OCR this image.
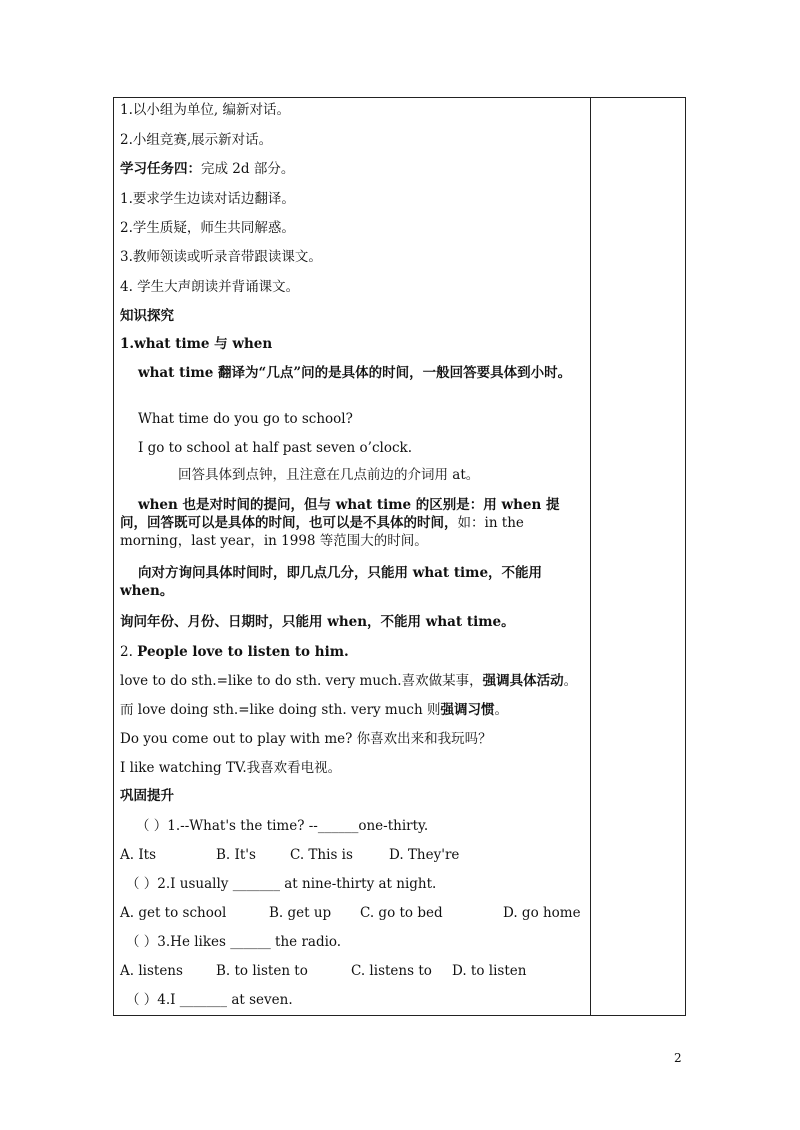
1.以小组为单位, 编新对话。
2.小组竞赛,展示新对话。
学习任务四：完成 2d 部分。
1.要求学生边读对话边翻译。
2.学生质疑，师生共同解惑。
3.教师领读或听录音带跟读课文。
4. 学生大声朗读并背诵课文。
知识探究
1.what time 与 when
what time 翻译为“几点”问的是具体的时间，一般回答要具体到小时。
What time do you go to school?
I go to school at half past seven o’clock.
回答具体到点钟，且注意在几点前边的介词用 at。
when 也是对时间的提问，但与 what time 的区别是：用 when 提问，回答既可以是具体的时间，也可以是不具体的时间，如：in the morning，last year，in 1998 等范围大的时间。
向对方询问具体时间时，即几点几分，只能用 what time，不能用 when。
询问年份、月份、日期时，只能用 when，不能用 what time。
2. People love to listen to him.
love to do sth.=like to do sth. very much.喜欢做某事，强调具体活动。
而 love doing sth.=like doing sth. very much 则强调习惯。
Do you come out to play with me? 你喜欢出来和我玩吗？
I like watching TV.我喜欢看电视。
巩固提升
（ ）1.--What's the time? --______one-thirty.
A. Its	B. It's	C. This is	D. They're
（ ）2.I usually _______ at nine-thirty at night.
A. get to school	B. get up C. go to bed	D. go home
（ ）3.He likes ______ the radio.
A. listens B. to listen to	C. listens to D. to listen
（ ）4.I _______ at seven.
2
